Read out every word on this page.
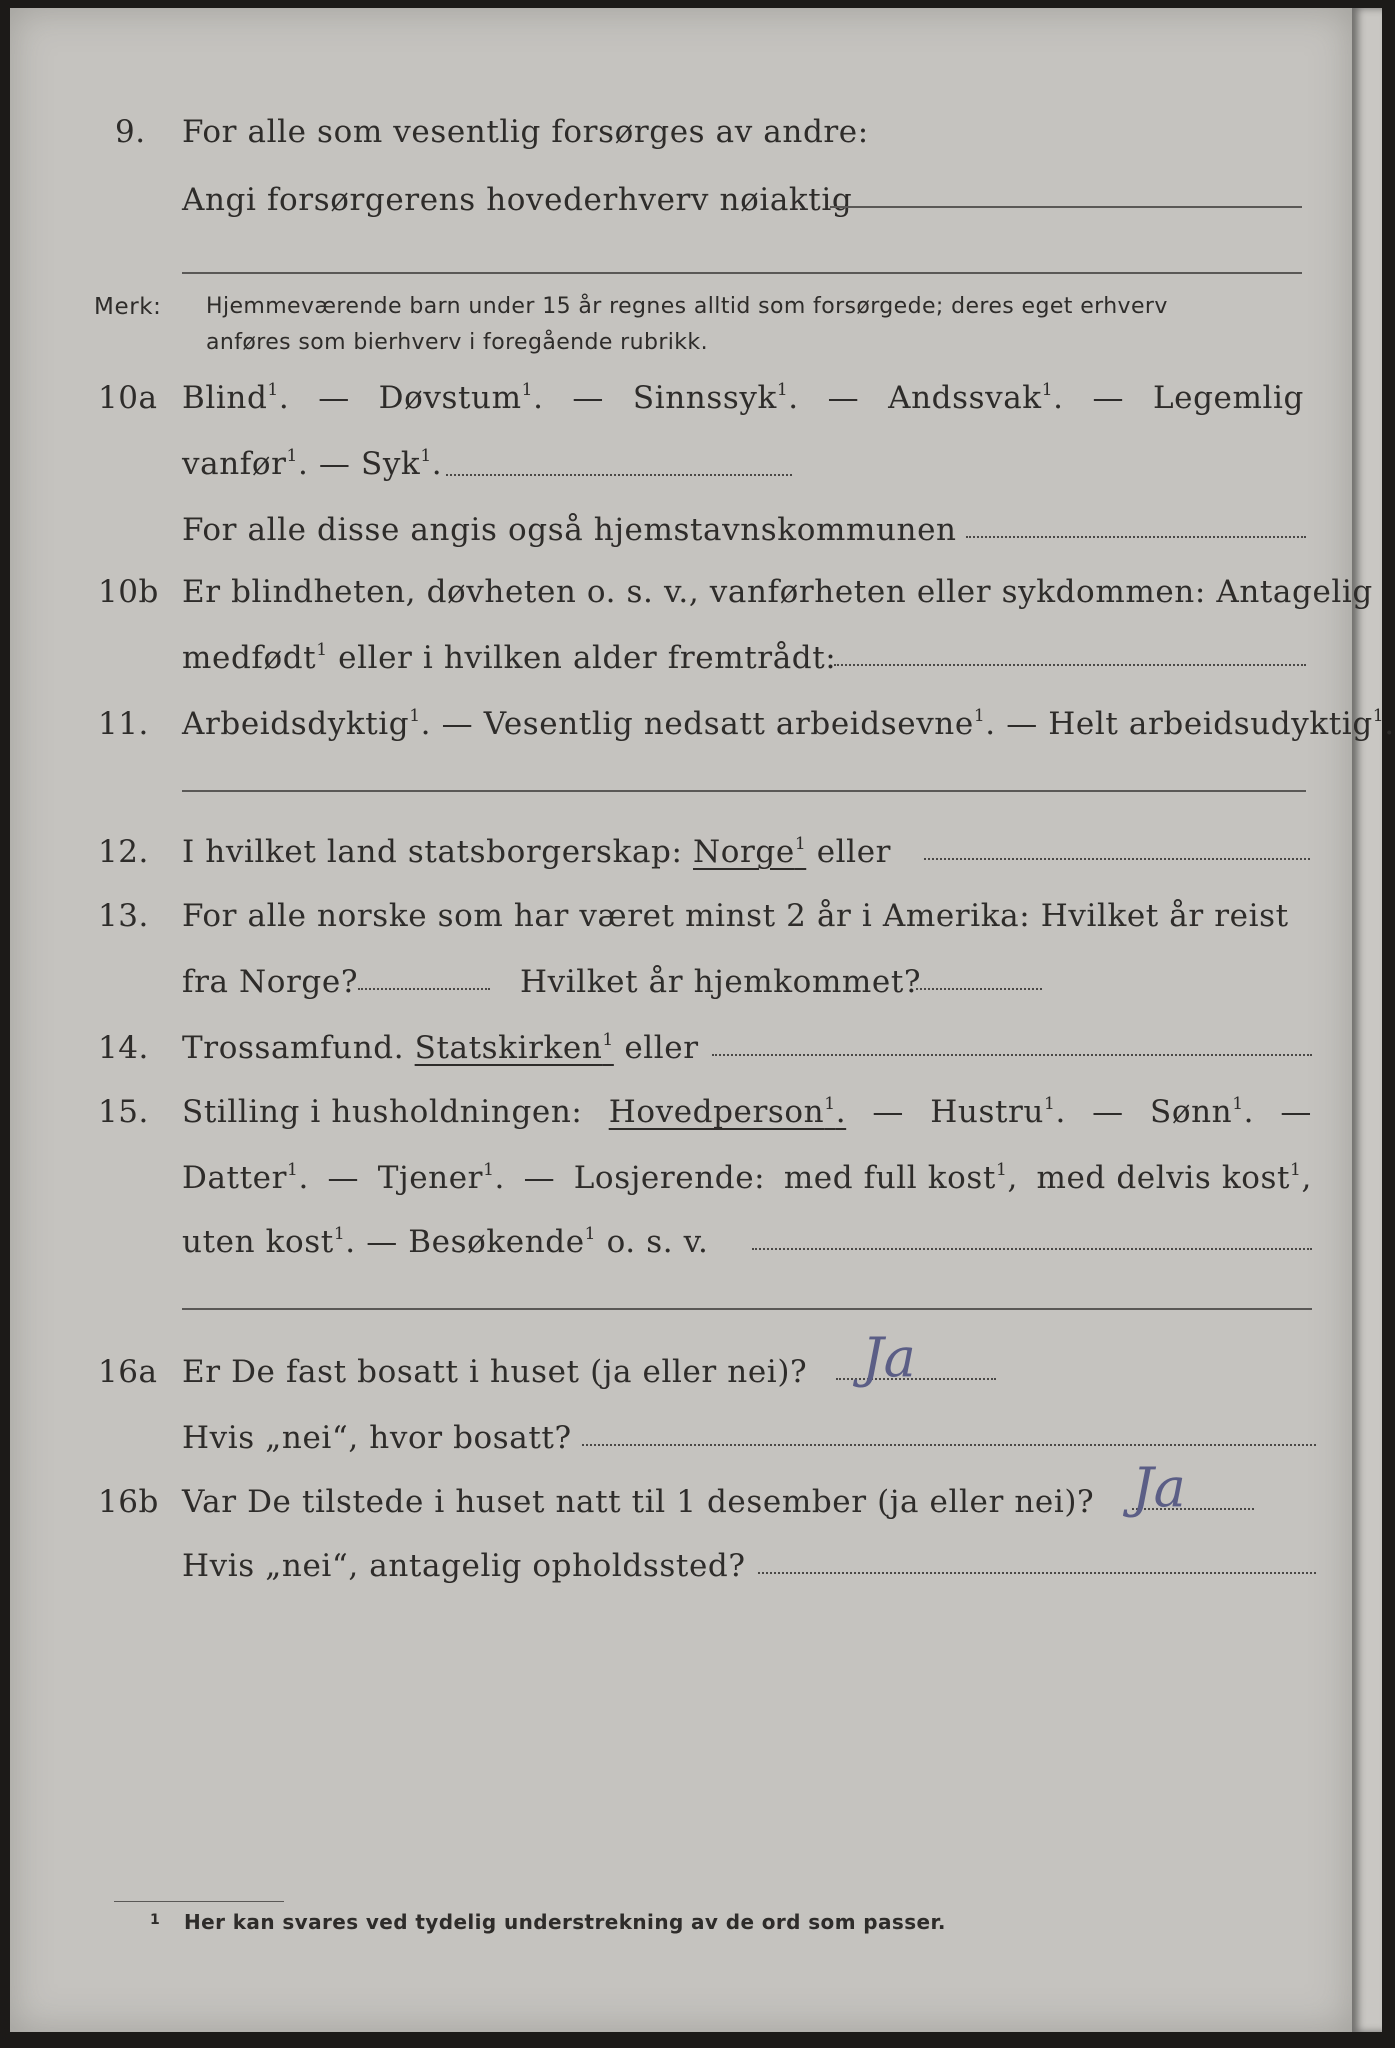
9. For alle som vesentlig forsørges av andre:
Angi forsørgerens hovederhverv nøiaktig
Merk: Hjemmeværende barn under 15 år regnes alltid som forsørgede; deres eget erhverv
anføres som bierhverv i foregående rubrikk.
10a Blind$^1$. — Døvstum$^1$. — Sinnssyk$^1$. — Andssvak$^1$. — Legemlig
vanfør$^1$. — Syk$^1$.
For alle disse angis også hjemstavnskommunen
10b Er blindheten, døvheten o. s. v., vanførheten eller sykdommen: Antagelig
medfødt$^1$ eller i hvilken alder fremtrådt:
11. Arbeidsdyktig$^1$. — Vesentlig nedsatt arbeidsevne$^1$. — Helt arbeidsudyktig$^1$.
12. I hvilket land statsborgerskap: Norge$^1$ eller
13. For alle norske som har været minst 2 år i Amerika: Hvilket år reist
fra Norge?	Hvilket år hjemkommet?
14. Trossamfund. Statskirken$^1$ eller
15. Stilling i husholdningen: Hovedperson$^1$. — Hustru$^1$. — Sønn$^1$. —
Datter$^1$. — Tjener$^1$. — Losjerende: med full kost$^1$, med delvis kost$^1$,
uten kost$^1$. — Besøkende$^1$ o. s. v.
16a Er De fast bosatt i huset (ja eller nei)? Ja
Hvis „nei“, hvor bosatt?
16b Var De tilstede i huset natt til 1 desember (ja eller nei)? Ja
Hvis „nei“, antagelig opholdssted?
1 Her kan svares ved tydelig understrekning av de ord som passer.
